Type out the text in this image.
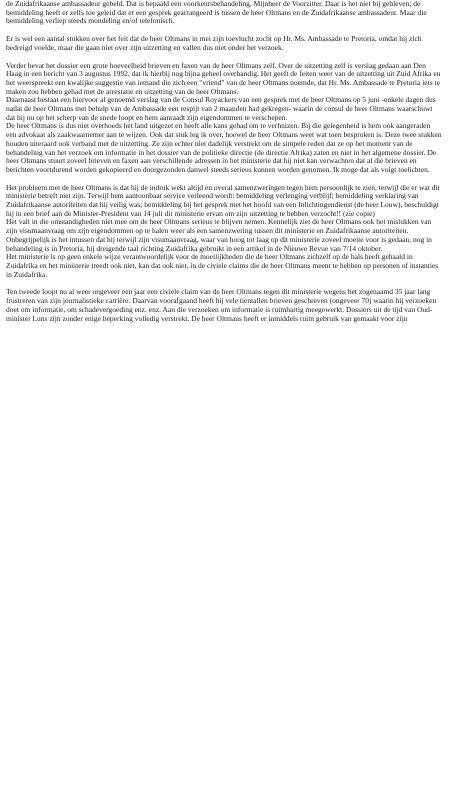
de Zuidafrikaanse ambassadeur gebeld. Dat is bepaald een voorkeursbehandeling, Mijnheer de Voorzitter. Daar is het niet bij gebleven; de bemiddeling heeft er zelfs toe geleid dat er een gesprek gearrangeerd is tussen de heer Oltmans en de Zuidafrikaanse ambassadeur. Maar die bemiddeling verliep steeds mondeling en/of telefonisch.

Er is wel een aantal stukken over het feit dat de heer Oltmans in mei zijn toevlucht zocht op Hr. Ms. Ambassade te Pretoria, omdat hij zich bedreigd voelde, maar die gaan niet over zijn uitzetting en vallen dus niet onder het verzoek.

Verder bevat het dossier een grote hoeveelheid brieven en faxen van de heer Oltmans zelf. Over de uitzetting zelf is verslag gedaan aan Den Haag in een bericht van 3 augustus 1992, dat ik hierbij nog bijna geheel overhandig. Het geeft de feiten weer van de uitzetting uit Zuid Afrika en het weerspreekt een kwalijke suggestie van iemand die zich een "vriend" van de heer Oltmans noemde, dat Hr. Ms. Ambassade te Pretoria iets te maken zou hebben gehad met de arrestatie en uitzetting van de heer Oltmans.

Daarnaast bestaat een hiervoor al genoemd verslag van de Consul Royackers van een gesprek met de heer Oltmans op 5 juni -enkele dagen dus nadat de heer Oltmans met behulp van de Ambassade een respijt van 2 maanden had gekregen- waarin de consul de heer Oltmans waarschuwt dat hij nu op het scherp van de snede loopt en hem aanraadt zijn eigendommen te verschepen.

De heer Oltmans is dus niet overhoeds het land uitgezet en heeft alle kans gehad om te verhuizen. Bij die gelegenheid is hem ook aangeraden een advokaat als zaakwaarnemer aan te wijzen. Ook dat stuk leg ik over, hoewel de heer Oltmans weet wat toen besproken is. Deze twee stukken houden uiteraard ook verband met de uitzetting. Ze zijn echter niet dadelijk verstrekt om de simpele reden dat ze op het moment van de behandeling van het verzoek om informatie in het dossier van de politieke directie (de directie Afrika) zaten en niet in het algemene dossier. De heer Oltmans stuurt zoveel brieven en faxen aan verschillende adressen in het ministerie dat hij niet kan verwachten dat al die brieven en berichten voortdurend worden gekopieerd en doorgezonden danwel steeds serieus kunnen worden genomen. Ik moge dat als volgt toelichten.

Het probleem met de heer Oltmans is dat hij de indruk wekt altijd en overal samenzweringen tegen hem persoonlijk te zien, terwijl die er wat dit ministerie betreft niet zijn. Terwijl hem aantoonbaar service verleend wordt: bemiddeling verlenging verblijf; bemiddeling verklaring van Zuidafrikaanse autoriteiten dat hij veilig was; bemiddeling bij het gesprek met het hoofd van een Inlichtingendienst (de heer Louw), beschuldigt hij in een brief aan de Minister-President van 14 juli dit ministerie ervan om zijn uitzetting te hebben verzocht!! (zie copie)

Het valt in die omstandigheden niet mee om de heer Oltmans serieus te blijven nemen. Kennelijk ziet de heer Oltmans ook het mislukken van zijn visumaanvraag om zijn eigendommen op te halen weer als een samenzwering tussen dit ministerie en Zuidafrikaanse autoriteiten. Onbegrijpelijk is het intussen dat hij terwijl zijn visumaanvraag, waar van hoog tot laag op dit ministerie zoveel moeite voor is gedaan, nog in behandeling is in Pretoria, hij dreigende taal richting Zuidafrika gebruikt in een artikel in de Nieuwe Revue van 7/14 oktober.

Het ministerie is op geen enkele wijze verantwoordelijk voor de moeilijkheden die de heer Oltmans zichzelf op de hals heeft gehaald in Zuidafrika en het ministerie treedt ook niet, kan dat ook niet, in de civiele claims die de heer Oltmans meent te hebben op personen of instanties in Zuidafrika.

Ten tweede loopt nu al weer ongeveer een jaar een civiele claim van de heer Oltmans tegen dit ministerie wegens het zogenaamd 35 jaar lang frustreren van zijn journalistieke carrière. Daarvan voorafgaand heeft hij vele tientallen brieven geschreven (ongeveer 70) waarin hij verzoeken doet om informatie, om schadevergoeding enz. enz. Aan die verzoeken om informatie is ruimhartig meegewerkt. Dossiers uit de tijd van Oud-minister Luns zijn zonder enige beperking volledig verstrekt. De heer Oltmans heeft er inmiddels ruim gebruik van gemaakt voor zijn
